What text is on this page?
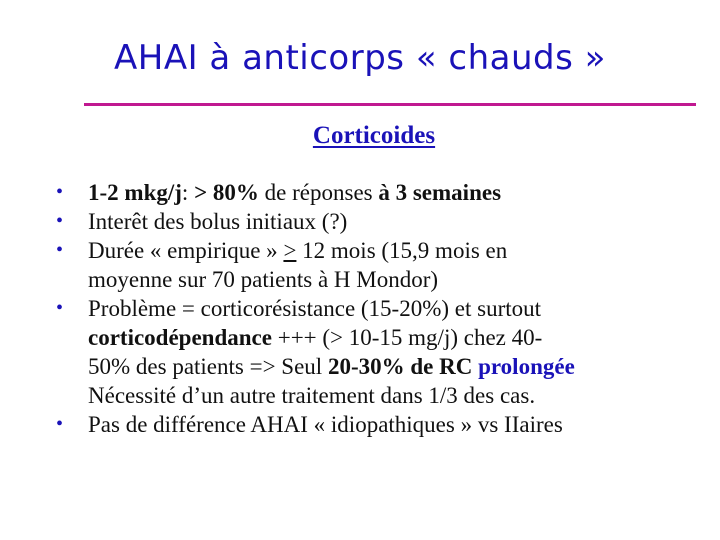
AHAI à anticorps « chauds »
Corticoides
• 1-2 mkg/j: > 80% de réponses à 3 semaines
• Interêt des bolus initiaux (?)
• Durée « empirique » ≥ 12 mois (15,9 mois en
moyenne sur 70 patients à H Mondor)
• Problème = corticorésistance (15-20%) et surtout
corticodépendance +++ (> 10-15 mg/j) chez 40-
50% des patients => Seul 20-30% de RC prolongée
Nécessité d’un autre traitement dans 1/3 des cas.
• Pas de différence AHAI « idiopathiques » vs IIaires
